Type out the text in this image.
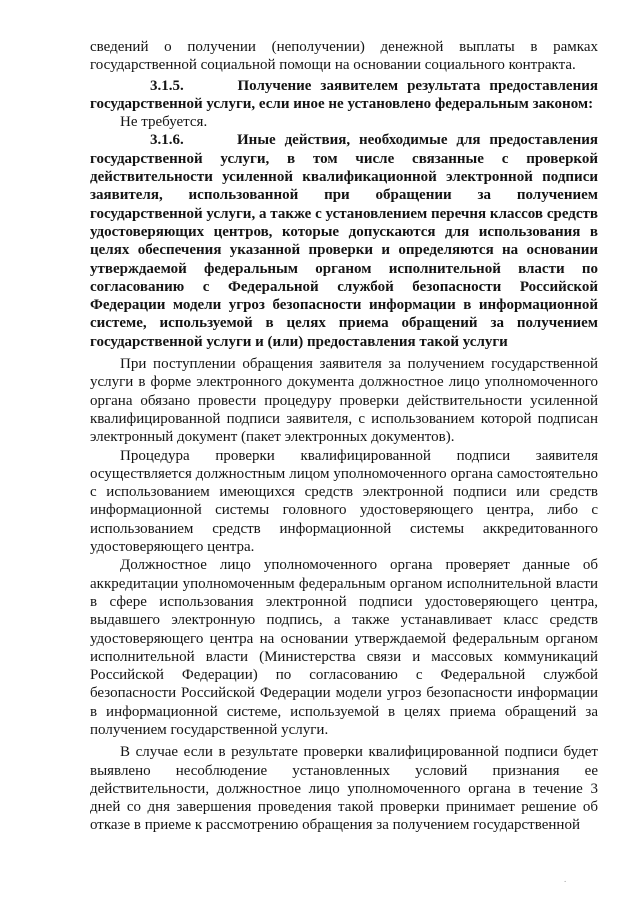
сведений о получении (неполучении) денежной выплаты в рамках государственной социальной помощи на основании социального контракта.

3.1.5.	Получение заявителем результата предоставления государственной услуги, если иное не установлено федеральным законом:

Не требуется.

3.1.6.	Иные действия, необходимые для предоставления государственной услуги, в том числе связанные с проверкой действительности усиленной квалификационной электронной подписи заявителя, использованной при обращении за получением государственной услуги, а также с установлением перечня классов средств удостоверяющих центров, которые допускаются для использования в целях обеспечения указанной проверки и определяются на основании утверждаемой федеральным органом исполнительной власти по согласованию с Федеральной службой безопасности Российской Федерации модели угроз безопасности информации в информационной системе, используемой в целях приема обращений за получением государственной услуги и (или) предоставления такой услуги

При поступлении обращения заявителя за получением государственной услуги в форме электронного документа должностное лицо уполномоченного органа обязано провести процедуру проверки действительности усиленной квалифицированной подписи заявителя, с использованием которой подписан электронный документ (пакет электронных документов).

Процедура проверки квалифицированной подписи заявителя осуществляется должностным лицом уполномоченного органа самостоятельно с использованием имеющихся средств электронной подписи или средств информационной системы головного удостоверяющего центра, либо с использованием средств информационной системы аккредитованного удостоверяющего центра.

Должностное лицо уполномоченного органа проверяет данные об аккредитации уполномоченным федеральным органом исполнительной власти в сфере использования электронной подписи удостоверяющего центра, выдавшего электронную подпись, а также устанавливает класс средств удостоверяющего центра на основании утверждаемой федеральным органом исполнительной власти (Министерства связи и массовых коммуникаций Российской Федерации) по согласованию с Федеральной службой безопасности Российской Федерации модели угроз безопасности информации в информационной системе, используемой в целях приема обращений за получением государственной услуги.

В случае если в результате проверки квалифицированной подписи будет выявлено несоблюдение установленных условий признания ее действительности, должностное лицо уполномоченного органа в течение 3 дней со дня завершения проведения такой проверки принимает решение об отказе в приеме к рассмотрению обращения за получением государственной

.
